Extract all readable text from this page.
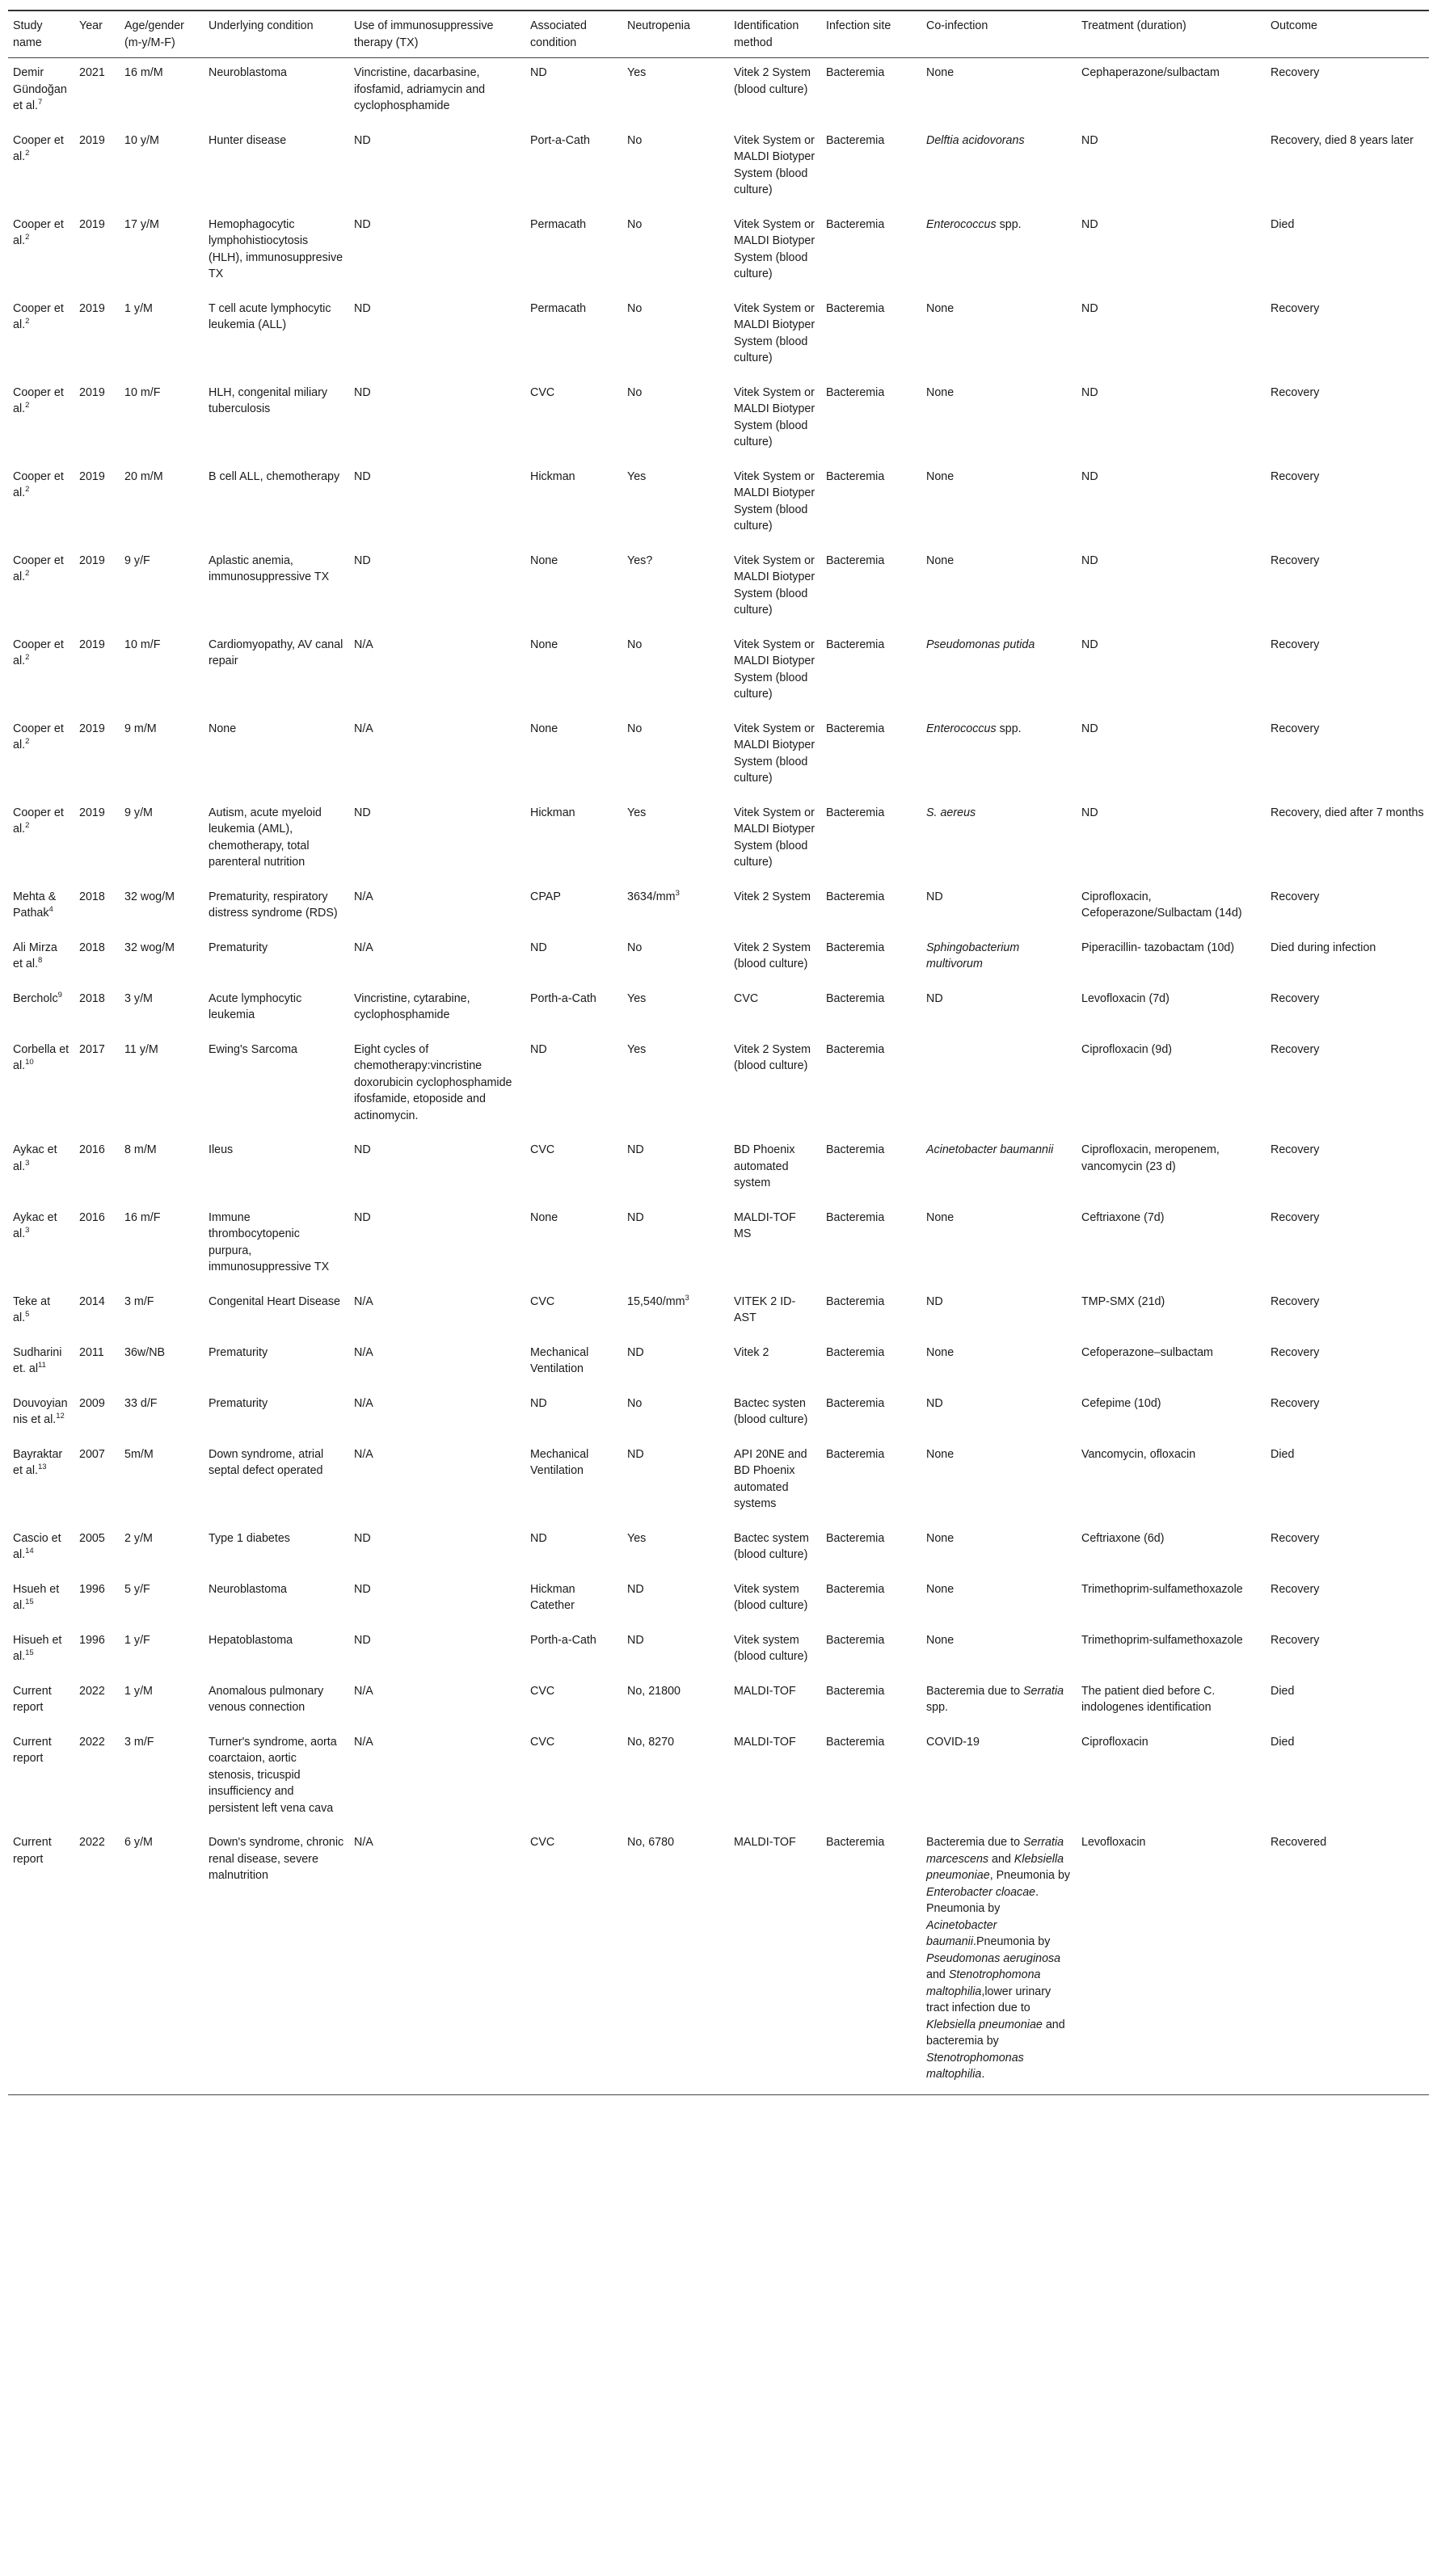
Study name	Year	Age/gender (m-y/M-F)	Underlying condition	Use of immunosuppressive therapy (TX)	Associated condition	Neutropenia	Identification method	Infection site	Co-infection	Treatment (duration)	Outcome
Demir Gündoğan et al.$^7$	2021	16 m/M	Neuroblastoma	Vincristine, dacarbasine, ifosfamid, adriamycin and cyclophosphamide	ND	Yes	Vitek 2 System (blood culture)	Bacteremia	None	Cephaperazone/sulbactam	Recovery
Cooper et al.$^2$	2019	10 y/M	Hunter disease	ND	Port-a-Cath	No	Vitek System or MALDI Biotyper System (blood culture)	Bacteremia	Delftia acidovorans	ND	Recovery, died 8 years later
Cooper et al.$^2$	2019	17 y/M	Hemophagocytic lymphohistiocytosis (HLH), immunosuppresive TX	ND	Permacath	No	Vitek System or MALDI Biotyper System (blood culture)	Bacteremia	Enterococcus spp.	ND	Died
Cooper et al.$^2$	2019	1 y/M	T cell acute lymphocytic leukemia (ALL)	ND	Permacath	No	Vitek System or MALDI Biotyper System (blood culture)	Bacteremia	None	ND	Recovery
Cooper et al.$^2$	2019	10 m/F	HLH, congenital miliary tuberculosis	ND	CVC	No	Vitek System or MALDI Biotyper System (blood culture)	Bacteremia	None	ND	Recovery
Cooper et al.$^2$	2019	20 m/M	B cell ALL, chemotherapy	ND	Hickman	Yes	Vitek System or MALDI Biotyper System (blood culture)	Bacteremia	None	ND	Recovery
Cooper et al.$^2$	2019	9 y/F	Aplastic anemia, immunosuppressive TX	ND	None	Yes?	Vitek System or MALDI Biotyper System (blood culture)	Bacteremia	None	ND	Recovery
Cooper et al.$^2$	2019	10 m/F	Cardiomyopathy, AV canal repair	N/A	None	No	Vitek System or MALDI Biotyper System (blood culture)	Bacteremia	Pseudomonas putida	ND	Recovery
Cooper et al.$^2$	2019	9 m/M	None	N/A	None	No	Vitek System or MALDI Biotyper System (blood culture)	Bacteremia	Enterococcus spp.	ND	Recovery
Cooper et al.$^2$	2019	9 y/M	Autism, acute myeloid leukemia (AML), chemotherapy, total parenteral nutrition	ND	Hickman	Yes	Vitek System or MALDI Biotyper System (blood culture)	Bacteremia	S. aereus	ND	Recovery, died after 7 months
Mehta & Pathak$^4$	2018	32 wog/M	Prematurity, respiratory distress syndrome (RDS)	N/A	CPAP	$3634/mm^3$	Vitek 2 System	Bacteremia	ND	Ciprofloxacin, Cefoperazone/Sulbactam (14d)	Recovery
Ali Mirza et al.$^8$	2018	32 wog/M	Prematurity	N/A	ND	No	Vitek 2 System (blood culture)	Bacteremia	Sphingobacterium multivorum	Piperacillin- tazobactam (10d)	Died during infection
Bercholc$^9$	2018	3 y/M	Acute lymphocytic leukemia	Vincristine, cytarabine, cyclophosphamide	Porth-a-Cath	Yes	CVC	Bacteremia	ND	Levofloxacin (7d)	Recovery
Corbella et al.$^{10}$	2017	11 y/M	Ewing's Sarcoma	Eight cycles of chemotherapy:vincristine doxorubicin cyclophosphamide ifosfamide, etoposide and actinomycin.	ND	Yes	Vitek 2 System (blood culture)	Bacteremia		Ciprofloxacin (9d)	Recovery
Aykac et al.$^3$	2016	8 m/M	Ileus	ND	CVC	ND	BD Phoenix automated system	Bacteremia	Acinetobacter baumannii	Ciprofloxacin, meropenem, vancomycin (23 d)	Recovery
Aykac et al.$^3$	2016	16 m/F	Immune thrombocytopenic purpura, immunosuppressive TX	ND	None	ND	MALDI-TOF MS	Bacteremia	None	Ceftriaxone (7d)	Recovery
Teke at al.$^5$	2014	3 m/F	Congenital Heart Disease	N/A	CVC	$15,540/mm^3$	VITEK 2 ID-AST	Bacteremia	ND	TMP-SMX (21d)	Recovery
Sudharini et. $al^{11}$	2011	36w/NB	Prematurity	N/A	Mechanical Ventilation	ND	Vitek 2	Bacteremia	None	Cefoperazone–sulbactam	Recovery
Douvoyiannis et al.$^{12}$	2009	33 d/F	Prematurity	N/A	ND	No	Bactec systen (blood culture)	Bacteremia	ND	Cefepime (10d)	Recovery
Bayraktar et al.$^{13}$	2007	5m/M	Down syndrome, atrial septal defect operated	N/A	Mechanical Ventilation	ND	API 20NE and BD Phoenix automated systems	Bacteremia	None	Vancomycin, ofloxacin	Died
Cascio et al.$^{14}$	2005	2 y/M	Type 1 diabetes	ND	ND	Yes	Bactec system (blood culture)	Bacteremia	None	Ceftriaxone (6d)	Recovery
Hsueh et al.$^{15}$	1996	5 y/F	Neuroblastoma	ND	Hickman Catether	ND	Vitek system (blood culture)	Bacteremia	None	Trimethoprim-sulfamethoxazole	Recovery
Hisueh et al.$^{15}$	1996	1 y/F	Hepatoblastoma	ND	Porth-a-Cath	ND	Vitek system (blood culture)	Bacteremia	None	Trimethoprim-sulfamethoxazole	Recovery
Current report	2022	1 y/M	Anomalous pulmonary venous connection	N/A	CVC	No, 21800	MALDI-TOF	Bacteremia	Bacteremia due to Serratia spp.	The patient died before C. indologenes identification	Died
Current report	2022	3 m/F	Turner's syndrome, aorta coarctaion, aortic stenosis, tricuspid insufficiency and persistent left vena cava	N/A	CVC	No, 8270	MALDI-TOF	Bacteremia	COVID-19	Ciprofloxacin	Died
Current report	2022	6 y/M	Down's syndrome, chronic renal disease, severe malnutrition	N/A	CVC	No, 6780	MALDI-TOF	Bacteremia	Bacteremia due to Serratia marcescens and Klebsiella pneumoniae, Pneumonia by Enterobacter cloacae. Pneumonia by Acinetobacter baumanii.Pneumonia by Pseudomonas aeruginosa and Stenotrophomona maltophilia,lower urinary tract infection due to Klebsiella pneumoniae and bacteremia by Stenotrophomonas maltophilia.	Levofloxacin	Recovered
